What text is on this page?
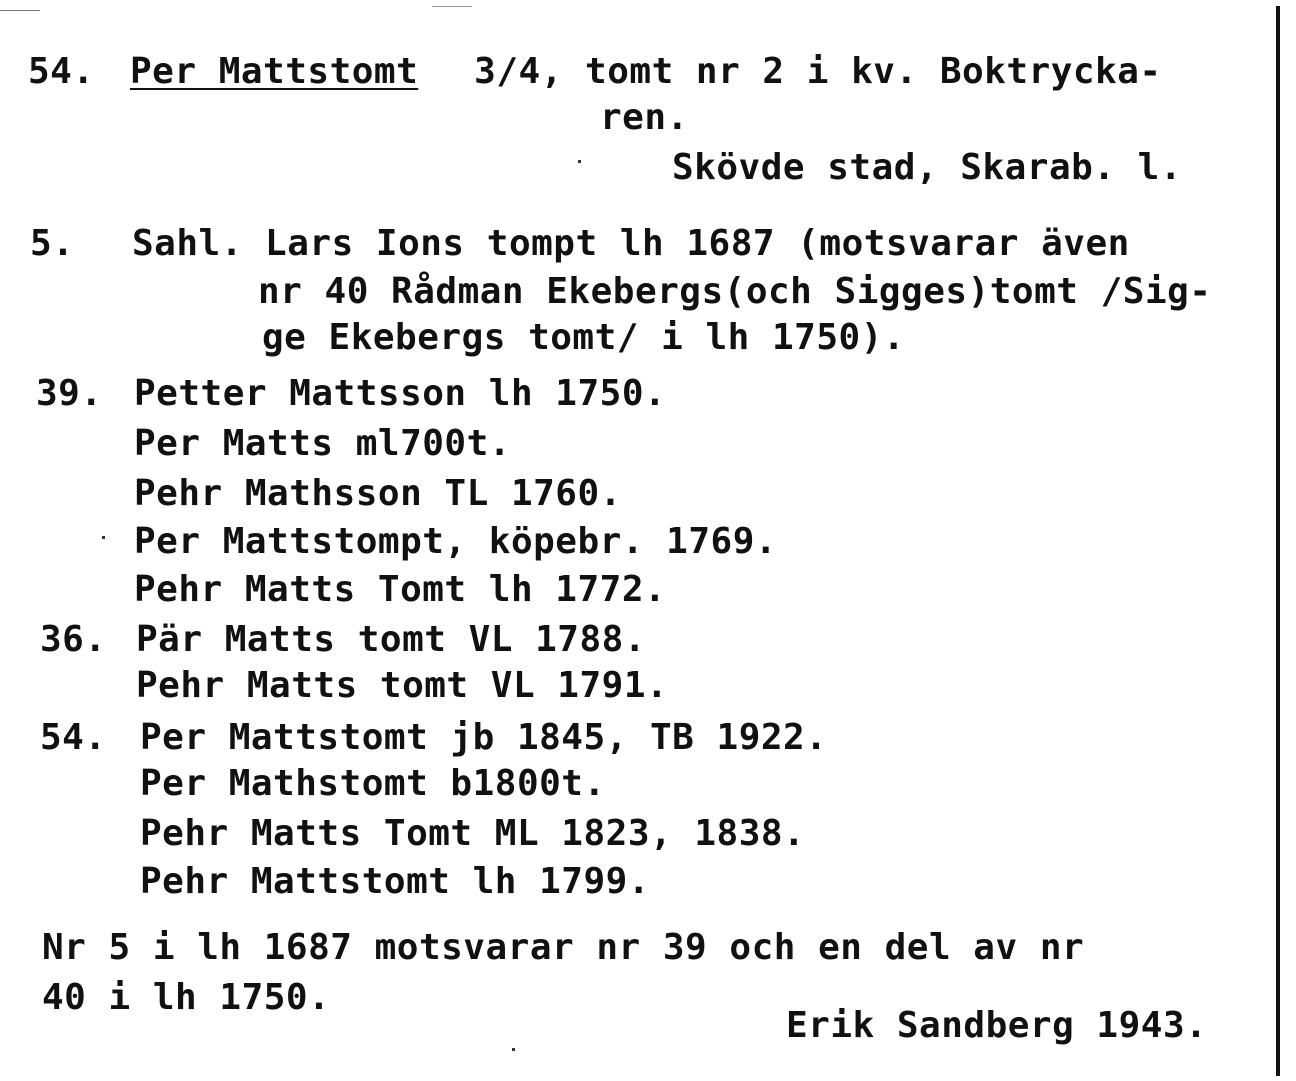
54. Per Mattstomt 3/4, tomt nr 2 i kv. Boktrycka-
ren.
Skövde stad, Skarab. l.
5. Sahl. Lars Ions tompt lh 1687 (motsvarar även
nr 40 Rådman Ekebergs(och Sigges)tomt /Sig-
ge Ekebergs tomt/ i lh 1750).
39. Petter Mattsson lh 1750.
Per Matts ml700t.
Pehr Mathsson TL 1760.
Per Mattstompt, köpebr. 1769.
Pehr Matts Tomt lh 1772.
36. Pär Matts tomt VL 1788.
Pehr Matts tomt VL 1791.
54. Per Mattstomt jb 1845, TB 1922.
Per Mathstomt b1800t.
Pehr Matts Tomt ML 1823, 1838.
Pehr Mattstomt lh 1799.
Nr 5 i lh 1687 motsvarar nr 39 och en del av nr
40 i lh 1750.
Erik Sandberg 1943.
